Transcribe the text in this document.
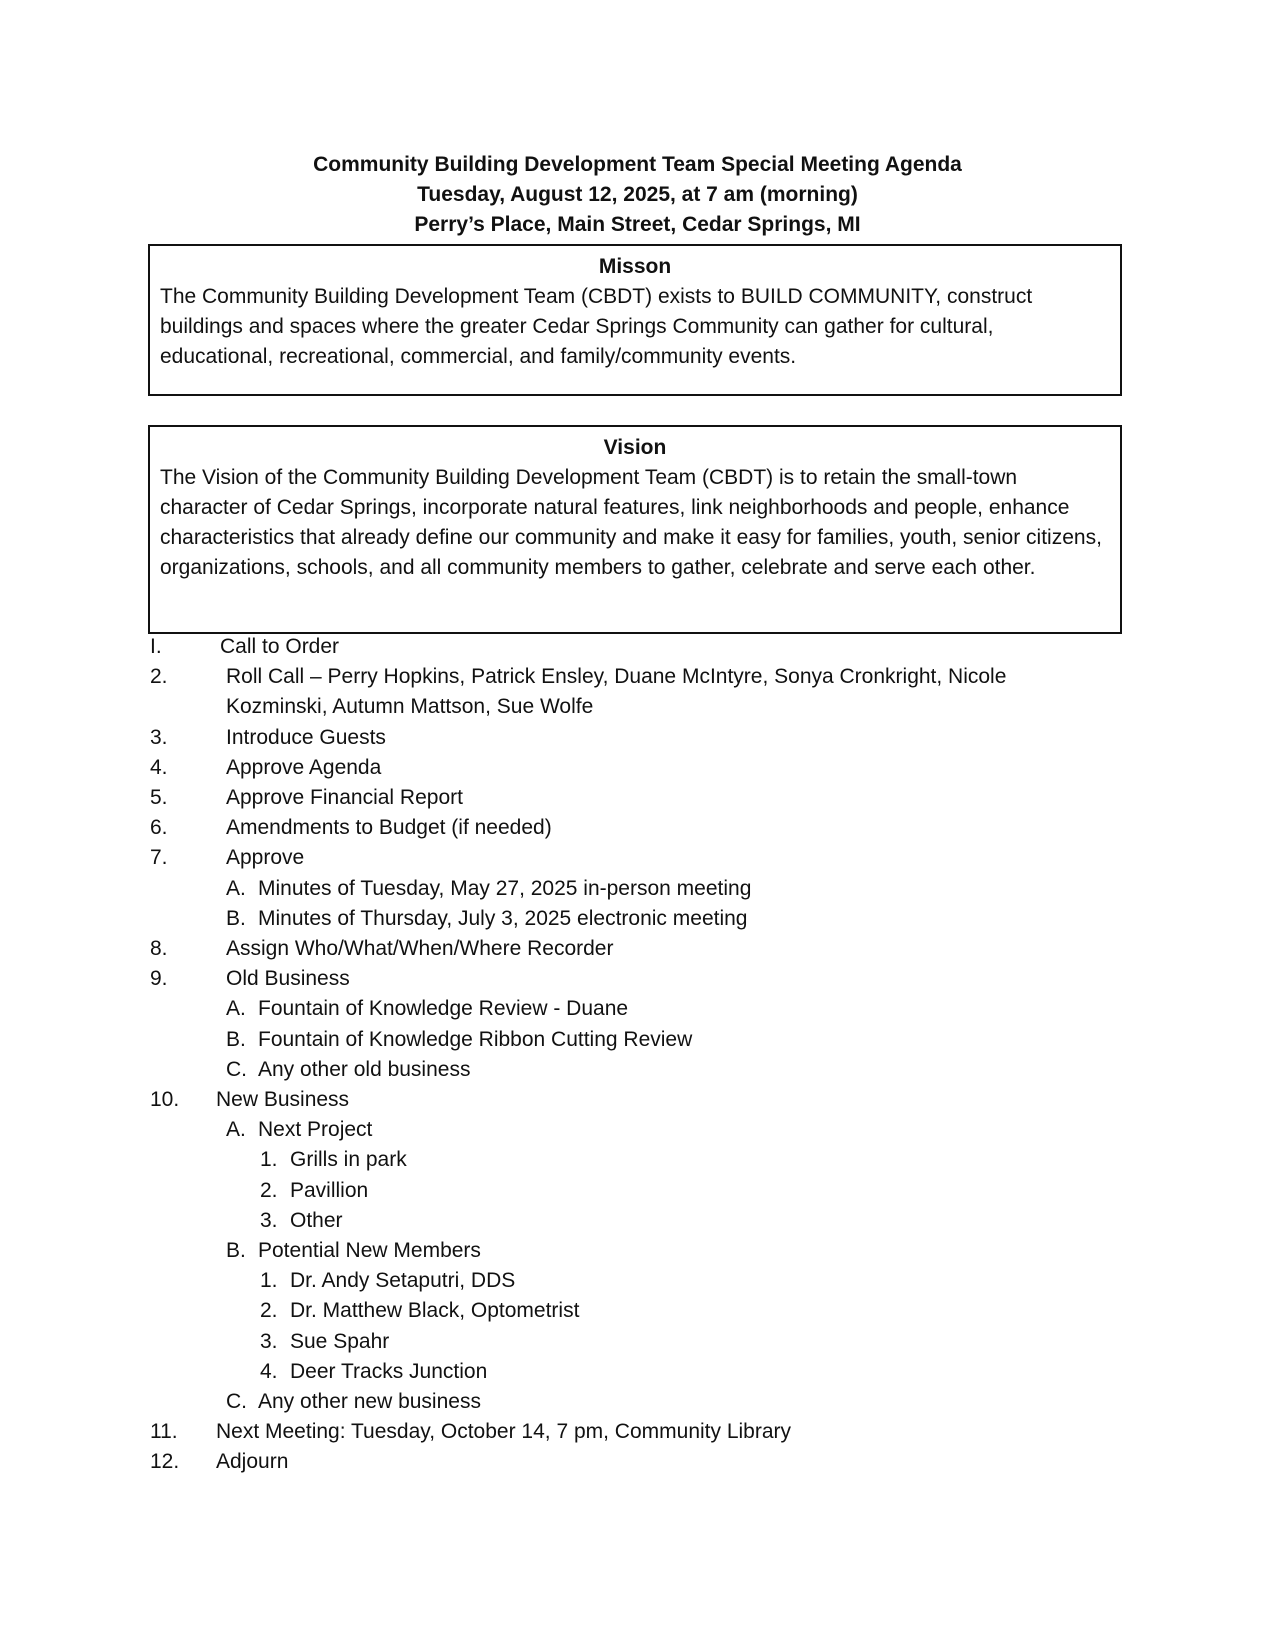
Community Building Development Team Special Meeting Agenda
Tuesday, August 12, 2025, at 7 am (morning)
Perry’s Place, Main Street, Cedar Springs, MI
Misson
The Community Building Development Team (CBDT) exists to BUILD COMMUNITY, construct buildings and spaces where the greater Cedar Springs Community can gather for cultural, educational, recreational, commercial, and family/community events.
Vision
The Vision of the Community Building Development Team (CBDT) is to retain the small-town character of Cedar Springs, incorporate natural features, link neighborhoods and people, enhance characteristics that already define our community and make it easy for families, youth, senior citizens, organizations, schools, and all community members to gather, celebrate and serve each other.
I.	Call to Order
2.	Roll Call – Perry Hopkins, Patrick Ensley, Duane McIntyre, Sonya Cronkright, Nicole Kozminski, Autumn Mattson, Sue Wolfe
3.	Introduce Guests
4.	Approve Agenda
5.	Approve Financial Report
6.	Amendments to Budget (if needed)
7.	Approve
A. Minutes of Tuesday, May 27, 2025 in-person meeting
B. Minutes of Thursday, July 3, 2025 electronic meeting
8.	Assign Who/What/When/Where Recorder
9.	Old Business
A. Fountain of Knowledge Review - Duane
B. Fountain of Knowledge Ribbon Cutting Review
C. Any other old business
10. New Business
A. Next Project
1. Grills in park
2. Pavillion
3. Other
B. Potential New Members
1. Dr. Andy Setaputri, DDS
2. Dr. Matthew Black, Optometrist
3. Sue Spahr
4. Deer Tracks Junction
C. Any other new business
11. Next Meeting: Tuesday, October 14, 7 pm, Community Library
12. Adjourn
